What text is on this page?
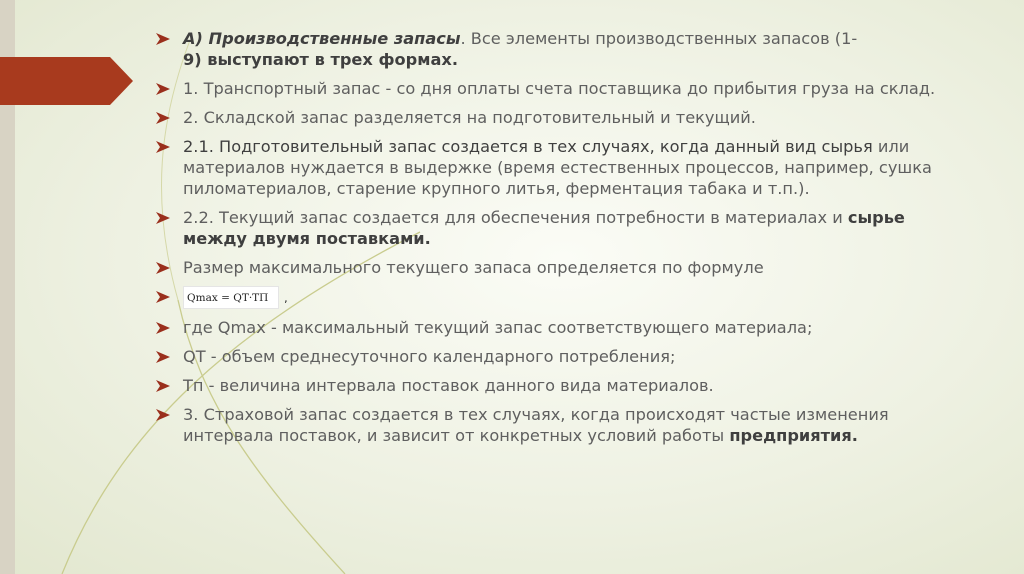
А) Производственные запасы. Все элементы производственных запасов (1-
9) выступают в трех формах.
1. Транспортный запас - со дня оплаты счета поставщика до прибытия груза на склад.
2. Складской запас разделяется на подготовительный и текущий.
2.1. Подготовительный запас создается в тех случаях, когда данный вид сырья или материалов нуждается в выдержке (время естественных процессов, например, сушка пиломатериалов, старение крупного литья, ферментация табака и т.п.).
2.2. Текущий запас создается для обеспечения потребности в материалах и сырье между двумя поставками.
Размер максимального текущего запаса определяется по формуле
Qmax = QT·TП ,
где Qmax - максимальный текущий запас соответствующего материала;
QT - объем среднесуточного календарного потребления;
Тп - величина интервала поставок данного вида материалов.
3. Страховой запас создается в тех случаях, когда происходят частые изменения интервала поставок, и зависит от конкретных условий работы предприятия.
